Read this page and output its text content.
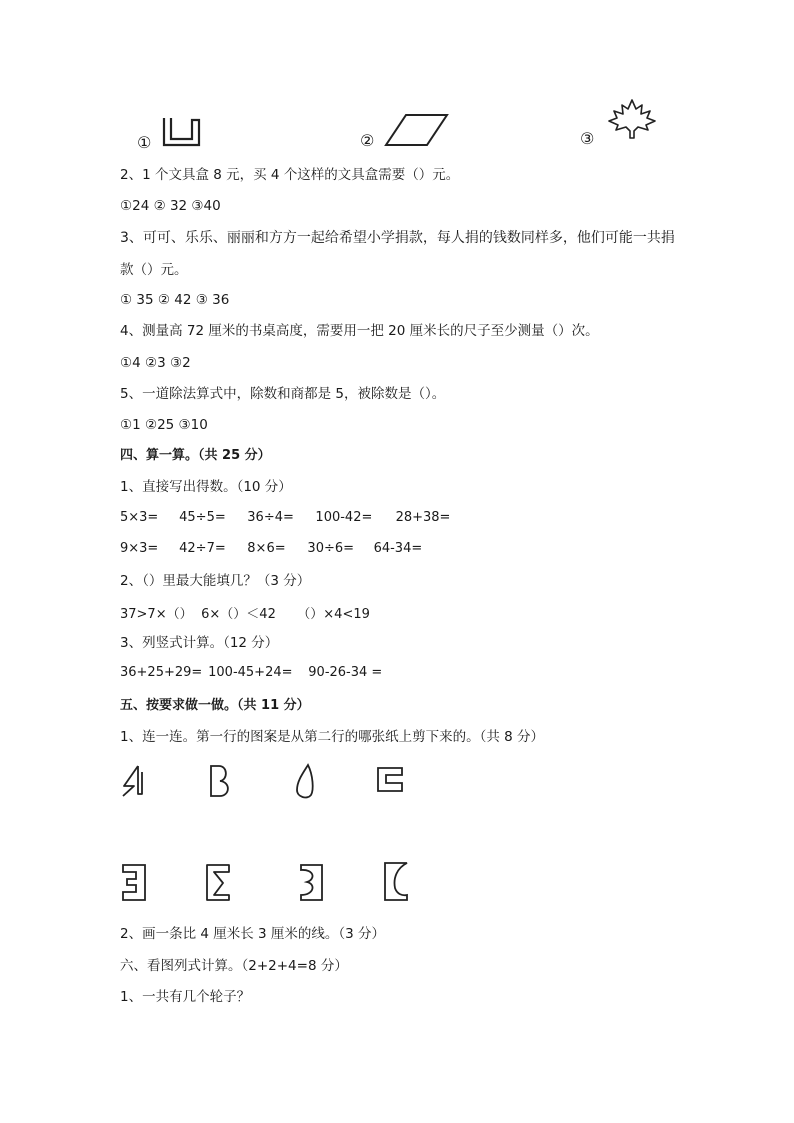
①	②	③
2、1 个文具盒 8 元，买 4 个这样的文具盒需要（）元。
①24 ② 32 ③40
3、可可、乐乐、丽丽和方方一起给希望小学捐款，每人捐的钱数同样多，他们可能一共捐
款（）元。
① 35 ② 42 ③ 36
4、测量高 72 厘米的书桌高度，需要用一把 20 厘米长的尺子至少测量（）次。
①4 ②3 ③2
5、一道除法算式中，除数和商都是 5，被除数是（）。
①1 ②25 ③10
四、算一算。（共 25 分）
1、直接写出得数。（10 分）
5×3= 45÷5= 36÷4= 100-42= 28+38=
9×3= 42÷7= 8×6= 30÷6= 64-34=
2、（）里最大能填几？（3 分）
37>7×（） 6×（）＜42 （）×4<19
3、列竖式计算。（12 分）
36+25+29= 100-45+24= 90-26-34 =
五、按要求做一做。（共 11 分）
1、连一连。第一行的图案是从第二行的哪张纸上剪下来的。（共 8 分）
2、画一条比 4 厘米长 3 厘米的线。（3 分）
六、看图列式计算。（2+2+4=8 分）
1、一共有几个轮子？
